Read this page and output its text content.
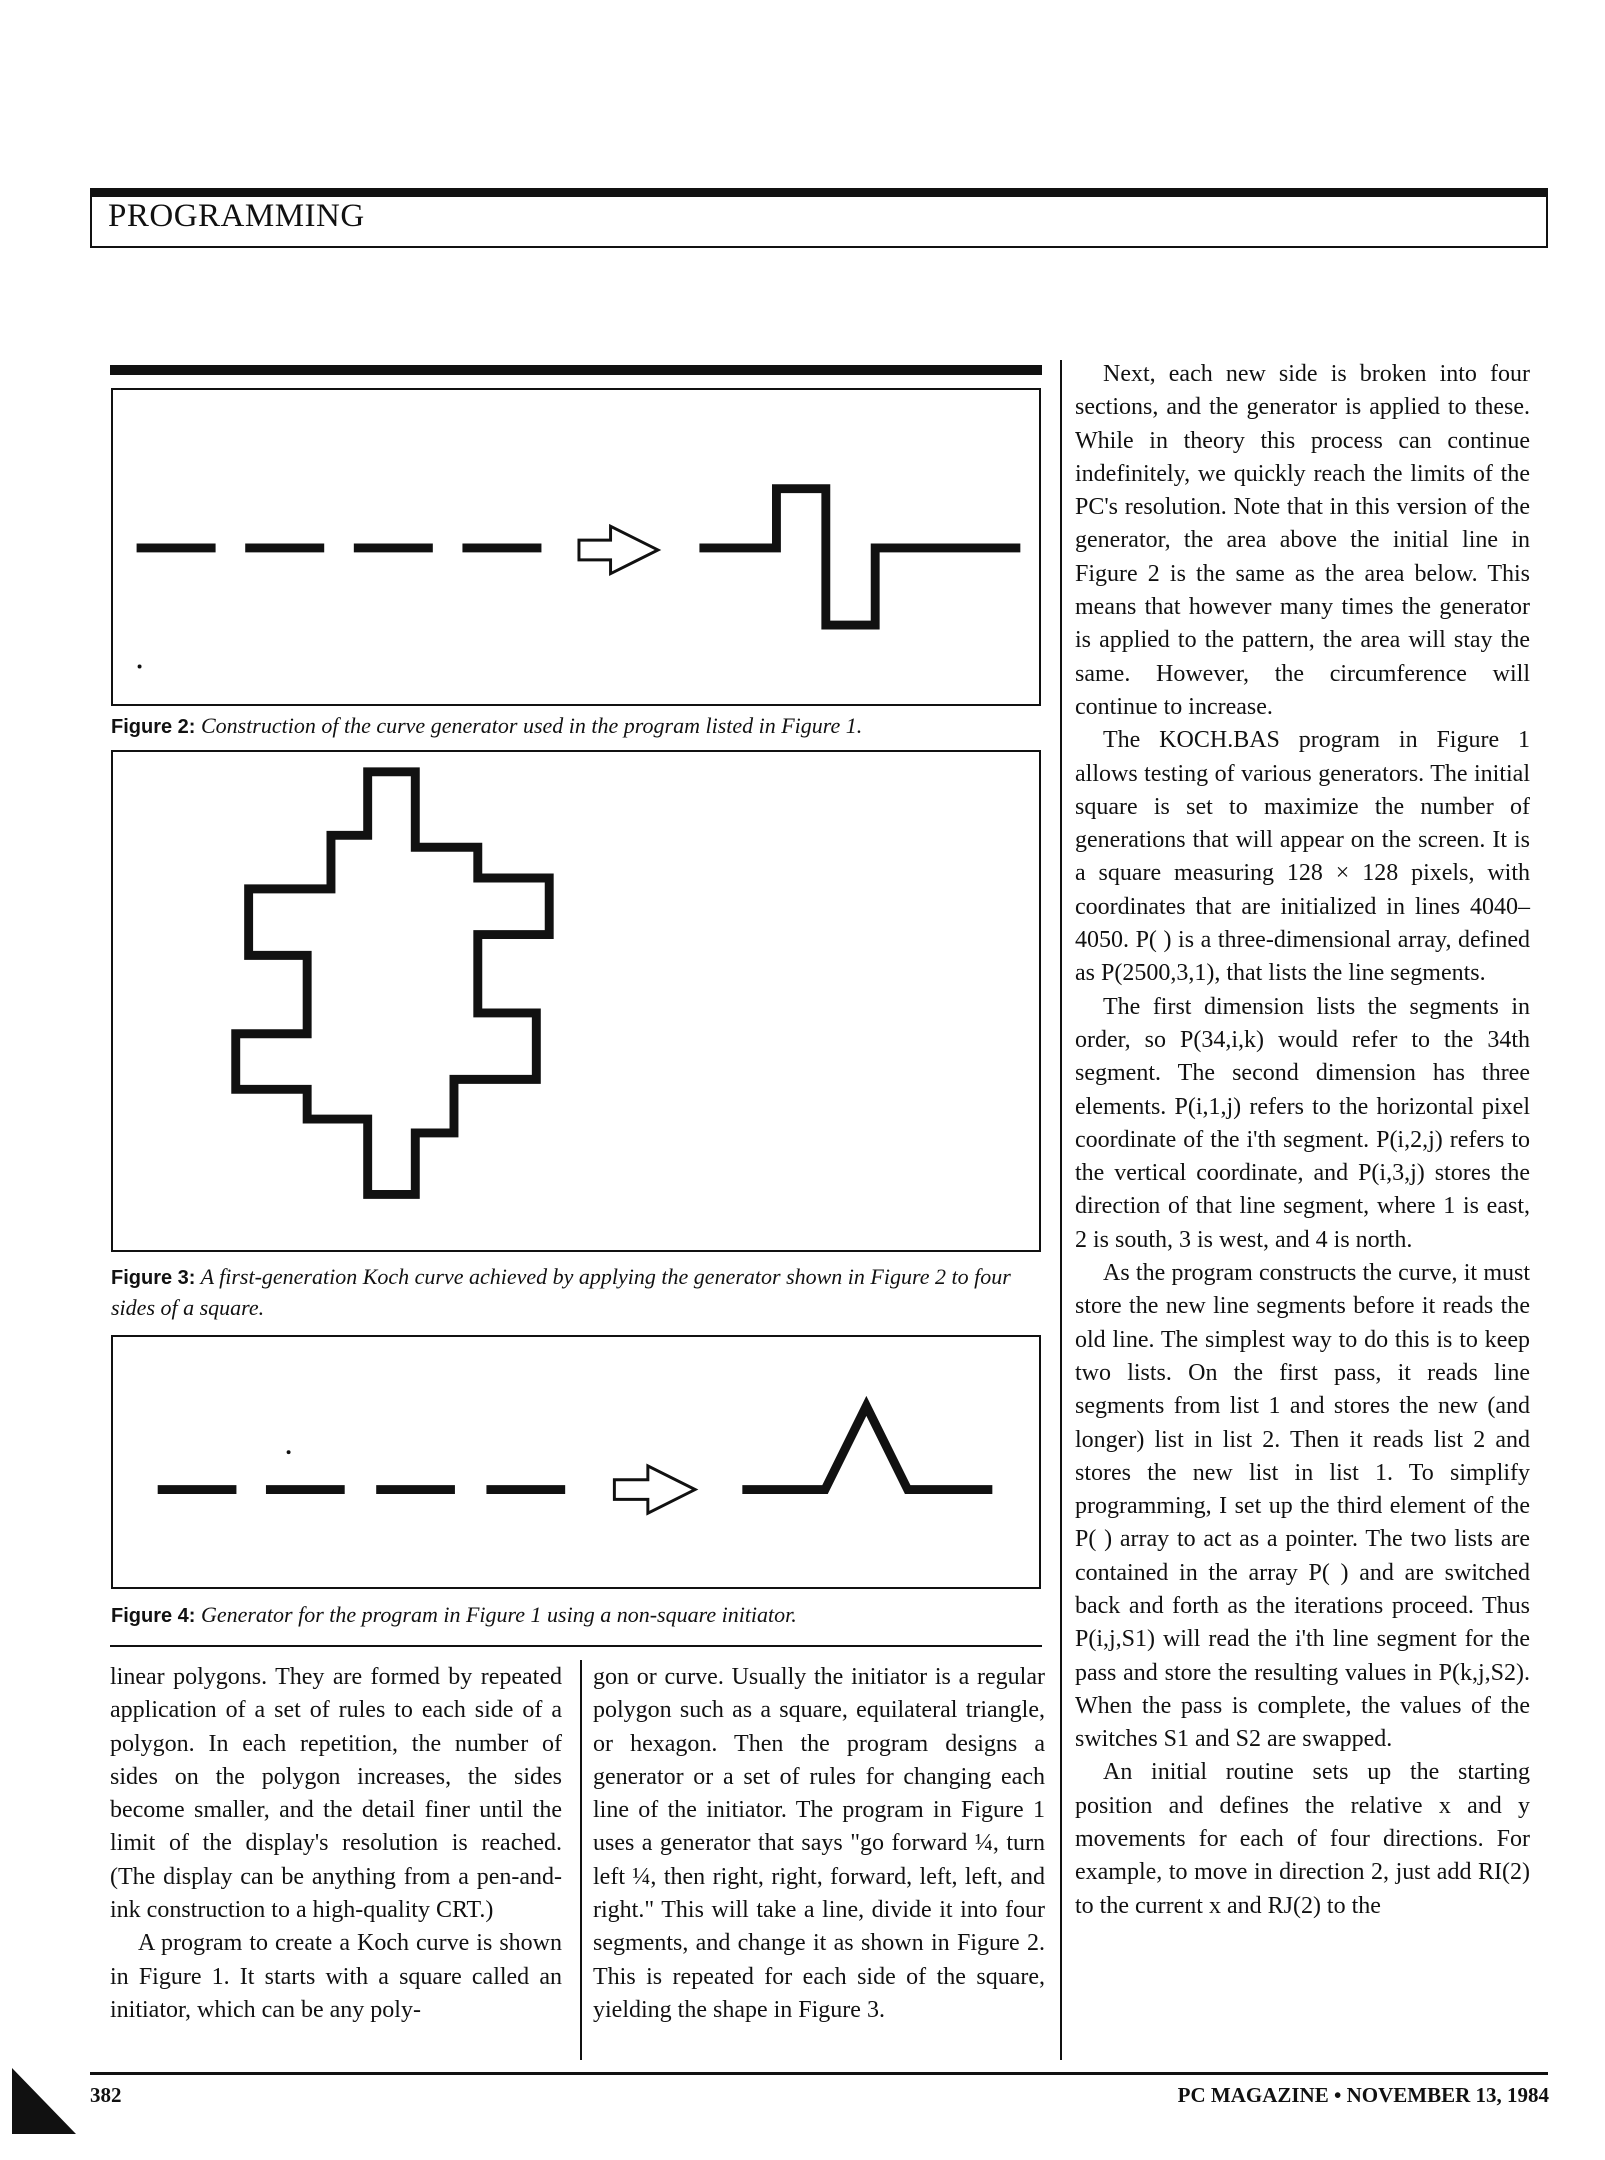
PROGRAMMING
Figure 2: Construction of the curve generator used in the program listed in Figure 1.
Figure 3: A first-generation Koch curve achieved by applying the generator shown in Figure 2 to four sides of a square.
Figure 4: Generator for the program in Figure 1 using a non-square initiator.

linear polygons. They are formed by repeated application of a set of rules to each side of a polygon. In each repetition, the number of sides on the polygon increases, the sides become smaller, and the detail finer until the limit of the display's resolution is reached. (The display can be anything from a pen-and-ink construction to a high-quality CRT.)

A program to create a Koch curve is shown in Figure 1. It starts with a square called an initiator, which can be any poly-

gon or curve. Usually the initiator is a regular polygon such as a square, equilateral triangle, or hexagon. Then the program designs a generator or a set of rules for changing each line of the initiator. The program in Figure 1 uses a generator that says "go forward ¼, turn left ¼, then right, right, forward, left, left, and right." This will take a line, divide it into four segments, and change it as shown in Figure 2. This is repeated for each side of the square, yielding the shape in Figure 3.

Next, each new side is broken into four sections, and the generator is applied to these. While in theory this process can continue indefinitely, we quickly reach the limits of the PC's resolution. Note that in this version of the generator, the area above the initial line in Figure 2 is the same as the area below. This means that however many times the generator is applied to the pattern, the area will stay the same. However, the circumference will continue to increase.

The KOCH.BAS program in Figure 1 allows testing of various generators. The initial square is set to maximize the number of generations that will appear on the screen. It is a square measuring 128 × 128 pixels, with coordinates that are initialized in lines 4040–4050. P( ) is a three-dimensional array, defined as P(2500,3,1), that lists the line segments.

The first dimension lists the segments in order, so P(34,i,k) would refer to the 34th segment. The second dimension has three elements. P(i,1,j) refers to the horizontal pixel coordinate of the i'th segment. P(i,2,j) refers to the vertical coordinate, and P(i,3,j) stores the direction of that line segment, where 1 is east, 2 is south, 3 is west, and 4 is north.

As the program constructs the curve, it must store the new line segments before it reads the old line. The simplest way to do this is to keep two lists. On the first pass, it reads line segments from list 1 and stores the new (and longer) list in list 2. Then it reads list 2 and stores the new list in list 1. To simplify programming, I set up the third element of the P( ) array to act as a pointer. The two lists are contained in the array P( ) and are switched back and forth as the iterations proceed. Thus P(i,j,S1) will read the i'th line segment for the pass and store the resulting values in P(k,j,S2). When the pass is complete, the values of the switches S1 and S2 are swapped.

An initial routine sets up the starting position and defines the relative x and y movements for each of four directions. For example, to move in direction 2, just add RI(2) to the current x and RJ(2) to the

382	PC MAGAZINE • NOVEMBER 13, 1984
